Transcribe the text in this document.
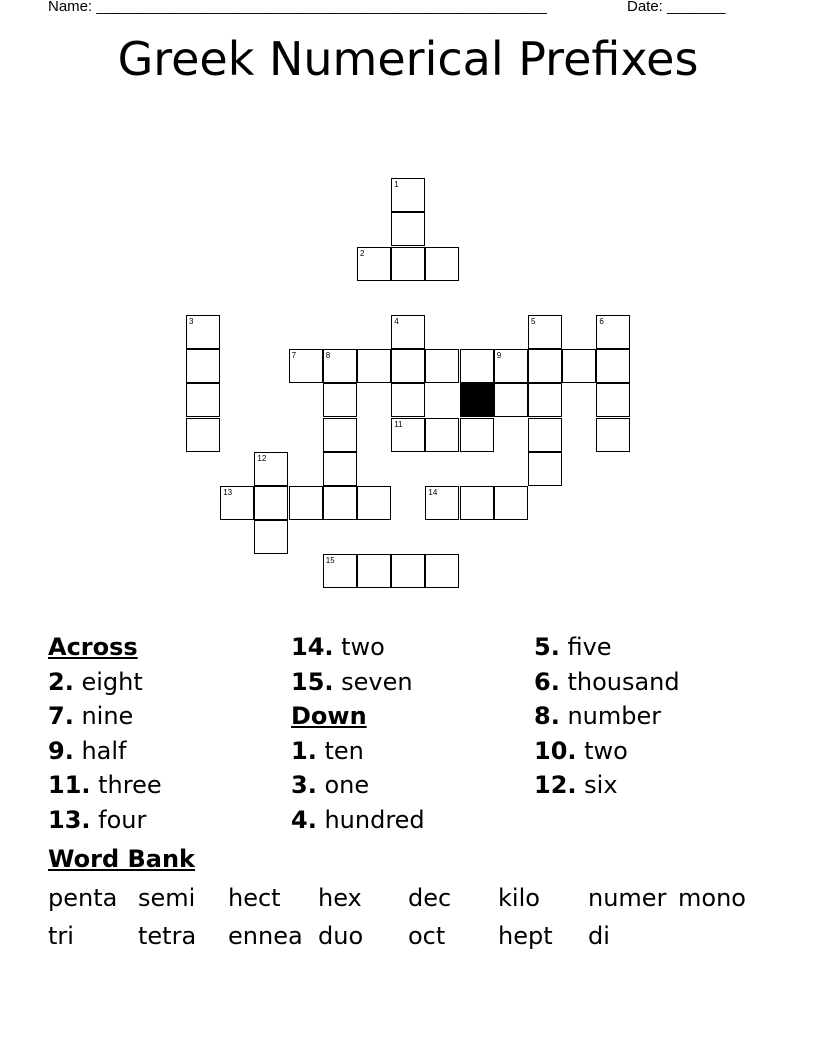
Name: ______________________________________________________	Date: _______
Greek Numerical Prefixes
1
2
3	4	5	6
7	8	9
11
12
13	14
15
10
Across
2. eight
7. nine
9. half
11. three
13. four
14. two
15. seven
Down
1. ten
3. one
4. hundred
5. five
6. thousand
8. number
10. two
12. six
Word Bank
penta semi hect hex dec kilo numer mono
tri	tetra ennea duo oct hept di
